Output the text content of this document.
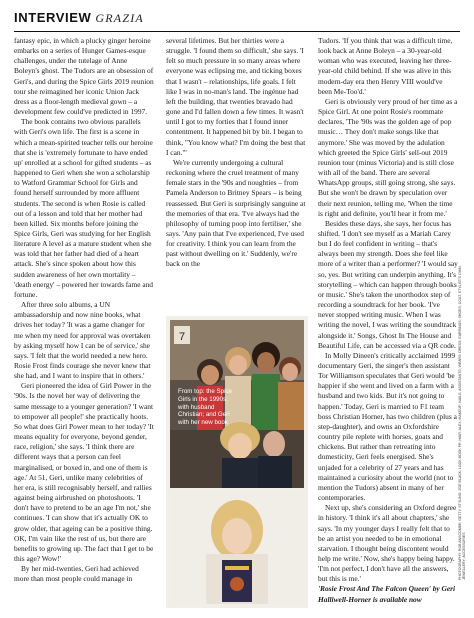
INTERVIEW GRAZIA

fantasy epic, in which a plucky ginger heroine embarks on a series of Hunger Games-esque challenges, under the tutelage of Anne Boleyn's ghost. The Tudors are an obsession of Geri's, and during the Spice Girls 2019 reunion tour she reimagined her iconic Union Jack dress as a floor-length medieval gown – a development few could've predicted in 1997.

The book contains two obvious parallels with Geri's own life. The first is a scene in which a mean-spirited teacher tells our heroine that she is 'extremely fortunate to have ended up' enrolled at a school for gifted students – as happened to Geri when she won a scholarship to Watford Grammar School for Girls and found herself surrounded by more affluent students. The second is when Rosie is called out of a lesson and told that her mother had been killed. Six months before joining the Spice Girls, Geri was studying for her English literature A level as a mature student when she was told that her father had died of a heart attack. She's since spoken about how this sudden awareness of her own mortality – 'death energy' – powered her towards fame and fortune.

After three solo albums, a UN ambassadorship and now nine books, what drives her today? 'It was a game changer for me when my need for approval was overtaken by asking myself how I can be of service,' she says. 'I felt that the world needed a new hero. Rosie Frost finds courage she never knew that she had, and I want to inspire that in others.'

Geri pioneered the idea of Girl Power in the '90s. Is the novel her way of delivering the same message to a younger generation? 'I want to empower all people!' she practically hoots. So what does Girl Power mean to her today? 'It means equality for everyone, beyond gender, race, religion,' she says. 'I think there are different ways that a person can feel marginalised, or boxed in, and one of them is age.' At 51, Geri, unlike many celebrities of her era, is still recognisably herself, and rallies against being airbrushed on photoshoots. 'I don't have to pretend to be an age I'm not,' she continues. 'I can show that it's actually OK to grow older, that ageing can be a positive thing. OK, I'm vain like the rest of us, but there are benefits to growing up. The fact that I get to be this age? Wow!'

By her mid-twenties, Geri had achieved more than most people could manage in

several lifetimes. But her thirties were a struggle. 'I found them so difficult,' she says. 'I felt so much pressure in so many areas where everyone was eclipsing me, and ticking boxes that I wasn't – relationships, life goals. I felt like I was in no-man's land. The ingénue had left the building, that twenties bravado had gone and I'd fallen down a few times. It wasn't until I got to my forties that I found inner contentment. It happened bit by bit. I began to think, "You know what? I'm doing the best that I can."'

We're currently undergoing a cultural reckoning where the cruel treatment of many female stars in the '90s and noughties – from Pamela Anderson to Britney Spears – is being reassessed. But Geri is surprisingly sanguine at the memories of that era. 'I've always had the philosophy of turning poop into fertiliser,' she says. 'Any pain that I've experienced, I've used for creativity. I think you can learn from the past without dwelling on it.' Suddenly, we're back on the

7
From top: the Spice Girls in the 1990s; with husband Christian; and Geri with her new book

Tudors. 'If you think that was a difficult time, look back at Anne Boleyn – a 30-year-old woman who was executed, leaving her three-year-old child behind. If she was alive in this modern-day era then Henry VIII would've been Me-Too'd.'

Geri is obviously very proud of her time as a Spice Girl. At one point Rosie's roommate declares, 'The '90s was the golden age of pop music… They don't make songs like that anymore.' She was moved by the adulation which greeted the Spice Girls' sell-out 2019 reunion tour (minus Victoria) and is still close with all of the band. There are several WhatsApp groups, still going strong, she says. But she won't be drawn by speculation over their next reunion, telling me, 'When the time is right and definite, you'll hear it from me.'

Besides these days, she says, her focus has shifted. 'I don't see myself as a Mariah Carey but I do feel confident in writing – that's always been my strength. Does she feel like more of a writer than a performer? 'I would say so, yes. But writing can underpin anything. It's storytelling – which can happen through books or music.' She's taken the unorthodox step of recording a soundtrack for her book. 'I've never stopped writing music. When I was writing the novel, I was writing the soundtrack alongside it.' Songs, Ghost In The House and Beautiful Life, can be accessed via a QR code.

In Molly Dineen's critically acclaimed 1999 documentary Geri, the singer's then assistant Tor Williamson speculates that Geri would 'be happier if she went and lived on a farm with a husband and two kids. But it's not going to happen.' Today, Geri is married to F1 team boss Christian Horner, has two children (plus a step-daughter), and owns an Oxfordshire country pile replete with horses, goats and chickens. But rather than retreating into domesticity, Geri feels energised. She's unjaded for a celebrity of 27 years and has maintained a curiosity about the world (not to mention the Tudors) absent in many of her contemporaries.

Next up, she's considering an Oxford degree in history. 'I think it's all about chapters,' she says. 'In my younger days I really felt that to be an artist you needed to be in emotional starvation. I thought being discontent would help me write.' Now, she's happy being happy. 'I'm not perfect, I don't have all the answers, but this is me.'

'Rosie Frost And The Falcon Queen' by Geri Halliwell-Horner is available now

PHOTOGRAPHY: ROB ANSCOMBE; GETTY. STYLING: ZOE BLACK; LOOK BOOK PR; HAIR: ALEX; MAKEUP; NAILS; ASSISTANTS; WEARS: DRESS; EARRINGS; SHOES; COAT; STYLIST'S OWN; JEWELLERY; ACCESSORIES
